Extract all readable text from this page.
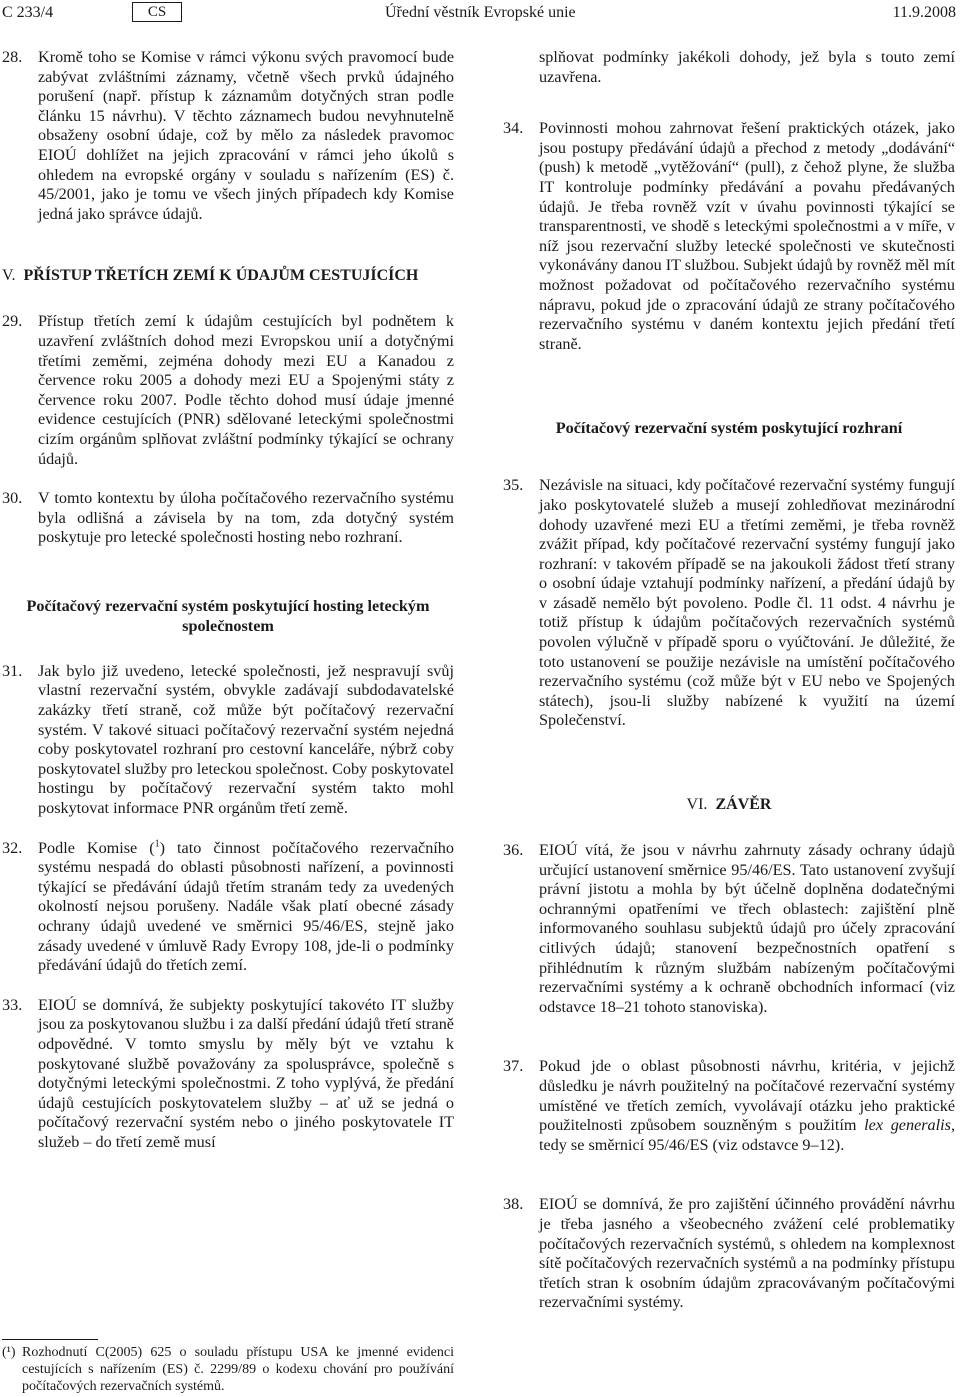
C 233/4	CS	Úřední věstník Evropské unie	11.9.2008

28. Kromě toho se Komise v rámci výkonu svých pravomocí bude zabývat zvláštními záznamy, včetně všech prvků údajného porušení (např. přístup k záznamům dotyčných stran podle článku 15 návrhu). V těchto záznamech budou nevyhnutelně obsaženy osobní údaje, což by mělo za následek pravomoc EIOÚ dohlížet na jejich zpracování v rámci jeho úkolů s ohledem na evropské orgány v souladu s nařízením (ES) č. 45/2001, jako je tomu ve všech jiných případech kdy Komise jedná jako správce údajů.

V. PŘÍSTUP TŘETÍCH ZEMÍ K ÚDAJŮM CESTUJÍCÍCH

29. Přístup třetích zemí k údajům cestujících byl podnětem k uzavření zvláštních dohod mezi Evropskou unií a dotyčnými třetími zeměmi, zejména dohody mezi EU a Kanadou z července roku 2005 a dohody mezi EU a Spojenými státy z července roku 2007. Podle těchto dohod musí údaje jmenné evidence cestujících (PNR) sdělované leteckými společnostmi cizím orgánům splňovat zvláštní podmínky týkající se ochrany údajů.

30. V tomto kontextu by úloha počítačového rezervačního systému byla odlišná a závisela by na tom, zda dotyčný systém poskytuje pro letecké společnosti hosting nebo rozhraní.

Počítačový rezervační systém poskytující hosting leteckým společnostem

31. Jak bylo již uvedeno, letecké společnosti, jež nespravují svůj vlastní rezervační systém, obvykle zadávají subdodavatelské zakázky třetí straně, což může být počítačový rezervační systém. V takové situaci počítačový rezervační systém nejedná coby poskytovatel rozhraní pro cestovní kanceláře, nýbrž coby poskytovatel služby pro leteckou společnost. Coby poskytovatel hostingu by počítačový rezervační systém takto mohl poskytovat informace PNR orgánům třetí země.

32. Podle Komise ($^1$) tato činnost počítačového rezervačního systému nespadá do oblasti působnosti nařízení, a povinnosti týkající se předávání údajů třetím stranám tedy za uvedených okolností nejsou porušeny. Nadále však platí obecné zásady ochrany údajů uvedené ve směrnici 95/46/ES, stejně jako zásady uvedené v úmluvě Rady Evropy 108, jde-li o podmínky předávání údajů do třetích zemí.

33. EIOÚ se domnívá, že subjekty poskytující takovéto IT služby jsou za poskytovanou službu i za další předání údajů třetí straně odpovědné. V tomto smyslu by měly být ve vztahu k poskytované službě považovány za spolusprávce, společně s dotyčnými leteckými společnostmi. Z toho vyplývá, že předání údajů cestujících poskytovatelem služby – ať už se jedná o počítačový rezervační systém nebo o jiného poskytovatele IT služeb – do třetí země musí

splňovat podmínky jakékoli dohody, jež byla s touto zemí uzavřena.

34. Povinnosti mohou zahrnovat řešení praktických otázek, jako jsou postupy předávání údajů a přechod z metody „dodávání“ (push) k metodě „vytěžování“ (pull), z čehož plyne, že služba IT kontroluje podmínky předávání a povahu předávaných údajů. Je třeba rovněž vzít v úvahu povinnosti týkající se transparentnosti, ve shodě s leteckými společnostmi a v míře, v níž jsou rezervační služby letecké společnosti ve skutečnosti vykonávány danou IT službou. Subjekt údajů by rovněž měl mít možnost požadovat od počítačového rezervačního systému nápravu, pokud jde o zpracování údajů ze strany počítačového rezervačního systému v daném kontextu jejich předání třetí straně.

Počítačový rezervační systém poskytující rozhraní

35. Nezávisle na situaci, kdy počítačové rezervační systémy fungují jako poskytovatelé služeb a musejí zohledňovat mezinárodní dohody uzavřené mezi EU a třetími zeměmi, je třeba rovněž zvážit případ, kdy počítačové rezervační systémy fungují jako rozhraní: v takovém případě se na jakoukoli žádost třetí strany o osobní údaje vztahují podmínky nařízení, a předání údajů by v zásadě nemělo být povoleno. Podle čl. 11 odst. 4 návrhu je totiž přístup k údajům počítačových rezervačních systémů povolen výlučně v případě sporu o vyúčtování. Je důležité, že toto ustanovení se použije nezávisle na umístění počítačového rezervačního systému (což může být v EU nebo ve Spojených státech), jsou-li služby nabízené k využití na území Společenství.

VI. ZÁVĚR

36. EIOÚ vítá, že jsou v návrhu zahrnuty zásady ochrany údajů určující ustanovení směrnice 95/46/ES. Tato ustanovení zvyšují právní jistotu a mohla by být účelně doplněna dodatečnými ochrannými opatřeními ve třech oblastech: zajištění plně informovaného souhlasu subjektů údajů pro účely zpracování citlivých údajů; stanovení bezpečnostních opatření s přihlédnutím k různým službám nabízeným počítačovými rezervačními systémy a k ochraně obchodních informací (viz odstavce 18–21 tohoto stanoviska).

37. Pokud jde o oblast působnosti návrhu, kritéria, v jejichž důsledku je návrh použitelný na počítačové rezervační systémy umístěné ve třetích zemích, vyvolávají otázku jeho praktické použitelnosti způsobem souzněným s použitím lex generalis, tedy se směrnicí 95/46/ES (viz odstavce 9–12).

38. EIOÚ se domnívá, že pro zajištění účinného provádění návrhu je třeba jasného a všeobecného zvážení celé problematiky počítačových rezervačních systémů, s ohledem na komplexnost sítě počítačových rezervačních systémů a na podmínky přístupu třetích stran k osobním údajům zpracovávaným počítačovými rezervačními systémy.

(¹) Rozhodnutí C(2005) 625 o souladu přístupu USA ke jmenné evidenci cestujících s nařízením (ES) č. 2299/89 o kodexu chování pro používání počítačových rezervačních systémů.
